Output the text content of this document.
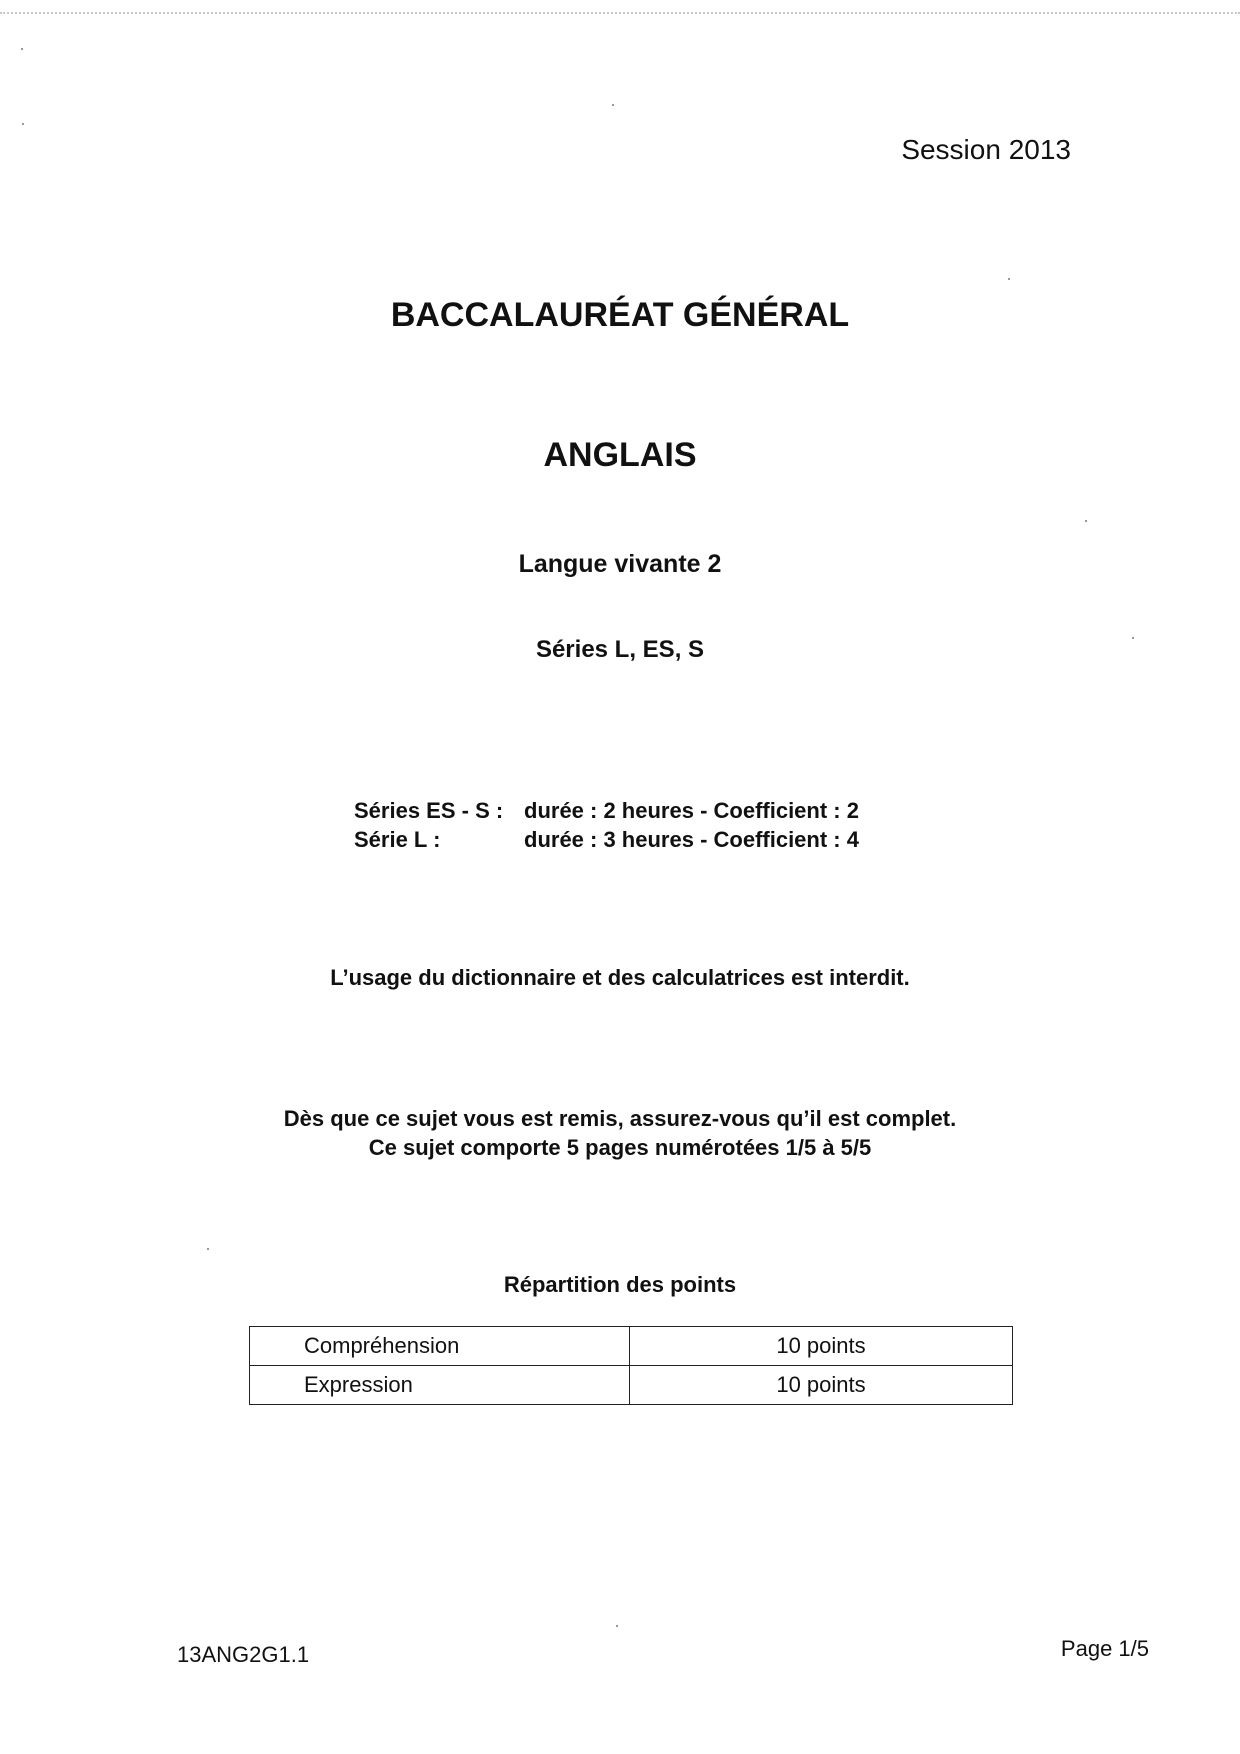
Session 2013
BACCALAURÉAT GÉNÉRAL
ANGLAIS
Langue vivante 2
Séries L, ES, S
Séries ES - S :	durée : 2 heures - Coefficient : 2
Série L :	durée : 3 heures - Coefficient : 4
L’usage du dictionnaire et des calculatrices est interdit.
Dès que ce sujet vous est remis, assurez-vous qu’il est complet.
Ce sujet comporte 5 pages numérotées 1/5 à 5/5
Répartition des points
Compréhension	10 points
Expression	10 points
13ANG2G1.1	Page 1/5
